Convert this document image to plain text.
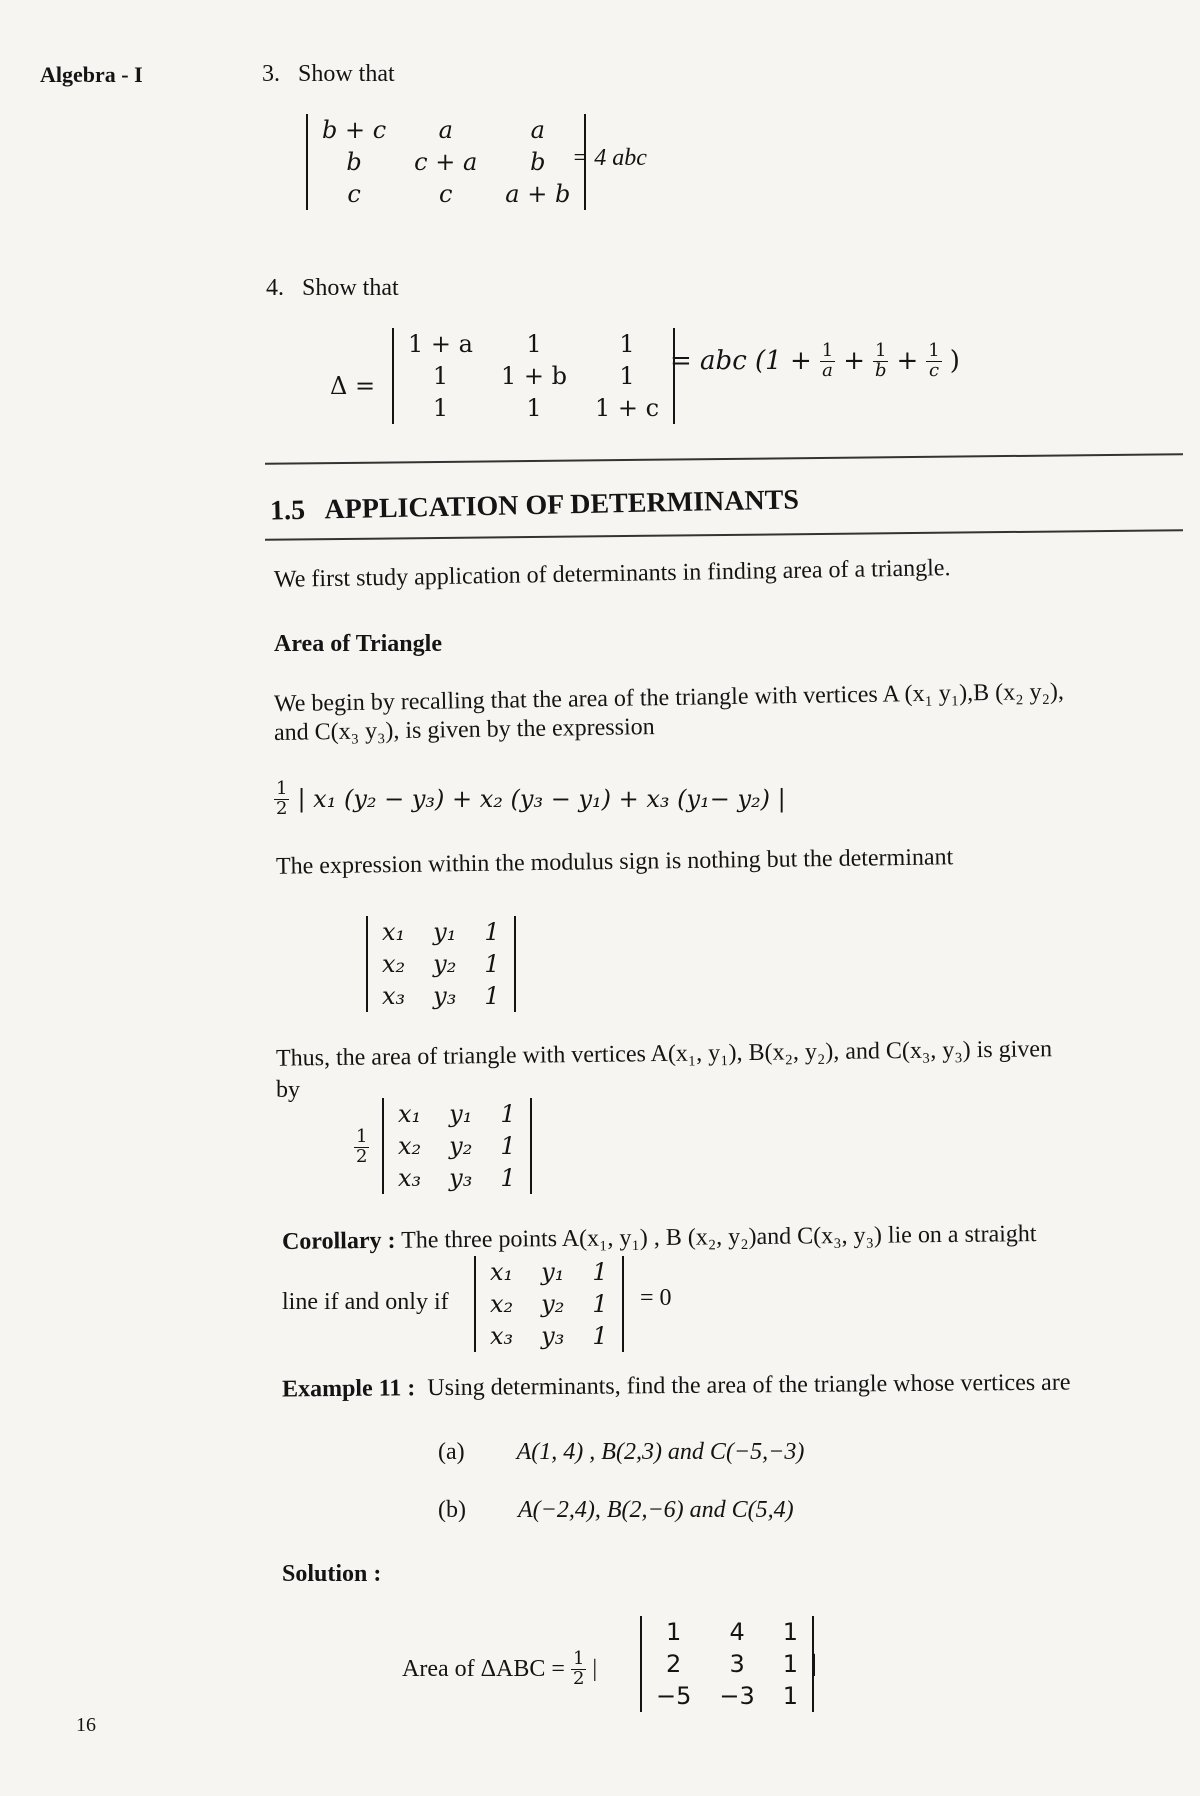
Algebra - I	3. Show that
b + c	a	a
b	c + a	b
c	c	a + b
= 4 abc
4. Show that
Δ =
1 + a	1	1
1	1 + b	1
1	1	1 + c
= abc ($1 + \frac{1}{a} + \frac{1}{b} + \frac{1}{c}$ )
1.5 APPLICATION OF DETERMINANTS
We first study application of determinants in finding area of a triangle.
Area of Triangle
We begin by recalling that the area of the triangle with vertices A (x₁ y₁),B (x₂ y₂),
and C(x₃ y₃), is given by the expression
$\frac{1}{2}$ | x₁ (y₂ − y₃) + x₂ (y₃ − y₁) + x₃ (y₁− y₂) |
The expression within the modulus sign is nothing but the determinant
x₁	y₁	1
x₂	y₂	1
x₃	y₃	1
Thus, the area of triangle with vertices A(x₁, y₁), B(x₂, y₂), and C(x₃, y₃) is given
by
$\frac{1}{2}$
x₁	y₁	1
x₂	y₂	1
x₃	y₃	1
Corollary : The three points A(x₁, y₁) , B (x₂, y₂)and C(x₃, y₃) lie on a straight
line if and only if
x₁	y₁	1
x₂	y₂	1
x₃	y₃	1
= 0
Example 11 : Using determinants, find the area of the triangle whose vertices are
(a) A(1, 4) , B(2,3) and C(−5,−3)
(b) A(−2,4), B(2,−6) and C(5,4)
Solution :
Area of $\Delta ABC = \frac{1}{2}$ |
1	4	1
2	3	1
−5	−3	1
|
16
